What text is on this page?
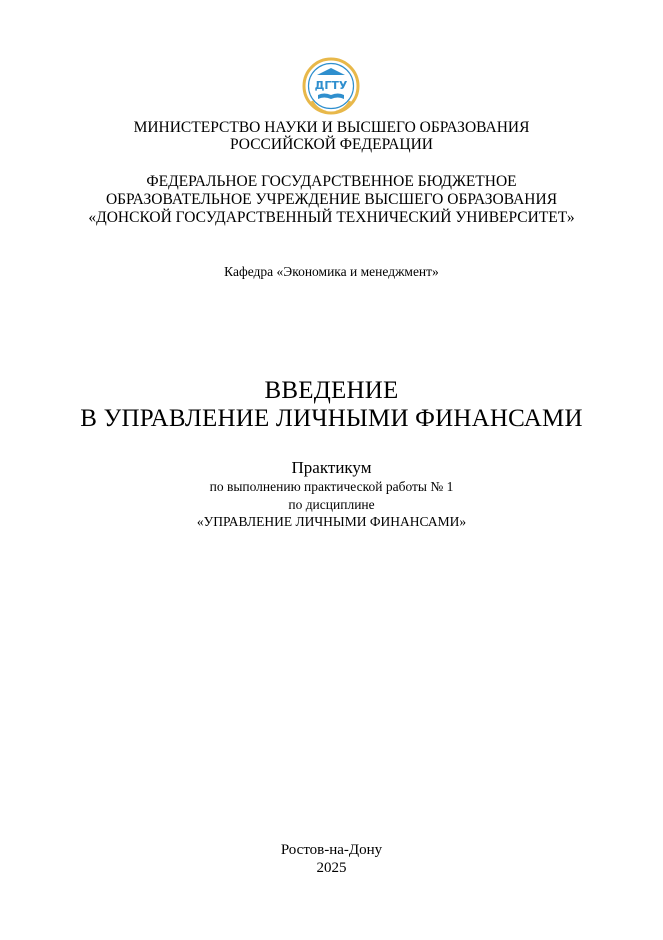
ДГТУ
МИНИСТЕРСТВО НАУКИ И ВЫСШЕГО ОБРАЗОВАНИЯ
РОССИЙСКОЙ ФЕДЕРАЦИИ
ФЕДЕРАЛЬНОЕ ГОСУДАРСТВЕННОЕ БЮДЖЕТНОЕ
ОБРАЗОВАТЕЛЬНОЕ УЧРЕЖДЕНИЕ ВЫСШЕГО ОБРАЗОВАНИЯ
«ДОНСКОЙ ГОСУДАРСТВЕННЫЙ ТЕХНИЧЕСКИЙ УНИВЕРСИТЕТ»
Кафедра «Экономика и менеджмент»
ВВЕДЕНИЕ
В УПРАВЛЕНИЕ ЛИЧНЫМИ ФИНАНСАМИ
Практикум
по выполнению практической работы № 1
по дисциплине
«УПРАВЛЕНИЕ ЛИЧНЫМИ ФИНАНСАМИ»
Ростов-на-Дону
2025
